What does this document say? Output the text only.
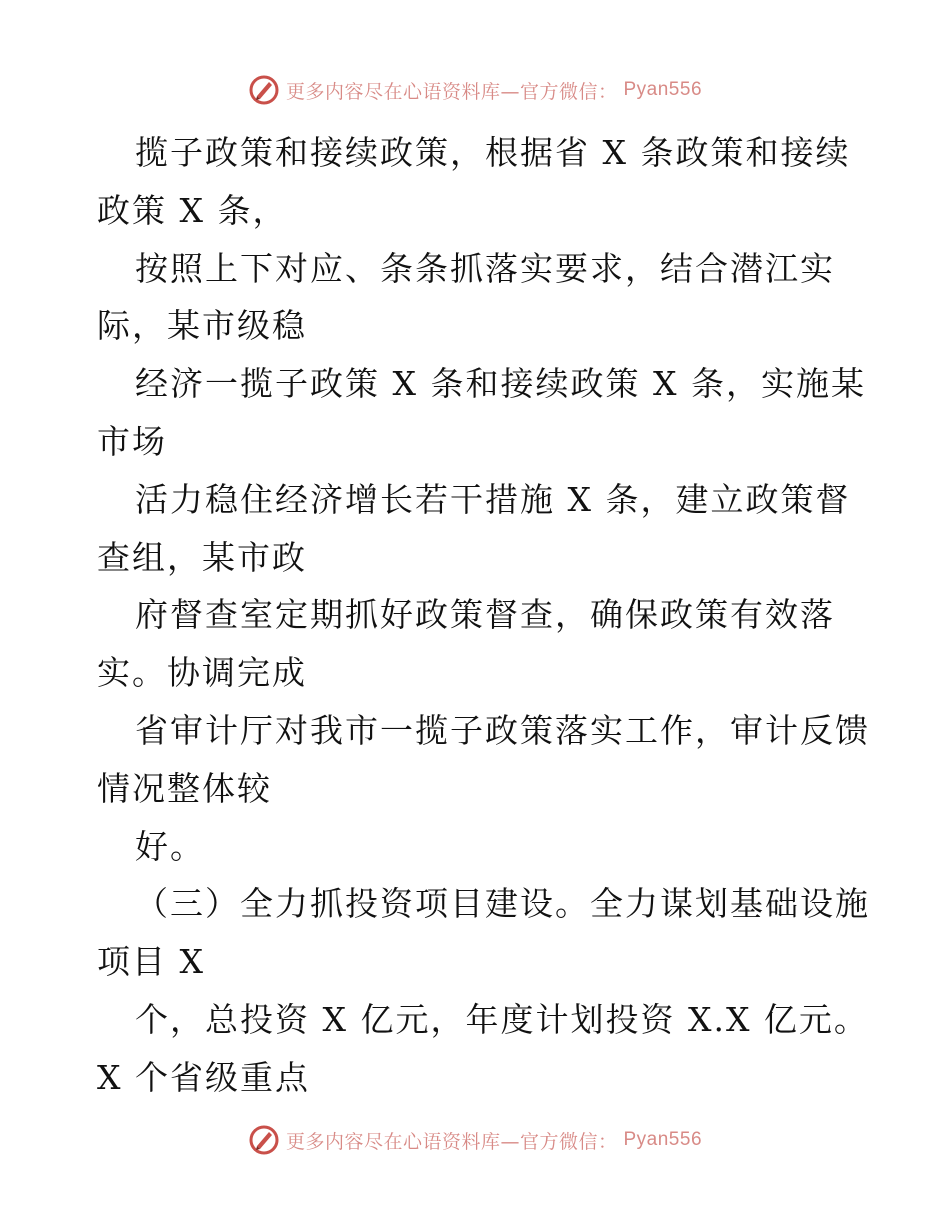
更多内容尽在心语资料库—官方微信： Pyan556
揽子政策和接续政策，根据省 X 条政策和接续
政策 X 条，
按照上下对应、条条抓落实要求，结合潜江实
际，某市级稳
经济一揽子政策 X 条和接续政策 X 条，实施某
市场
活力稳住经济增长若干措施 X 条，建立政策督
查组，某市政
府督查室定期抓好政策督查，确保政策有效落
实。协调完成
省审计厅对我市一揽子政策落实工作，审计反馈
情况整体较
好。
（三）全力抓投资项目建设。全力谋划基础设施
项目 X
个，总投资 X 亿元，年度计划投资 X.X 亿元。
X 个省级重点
更多内容尽在心语资料库—官方微信： Pyan556
